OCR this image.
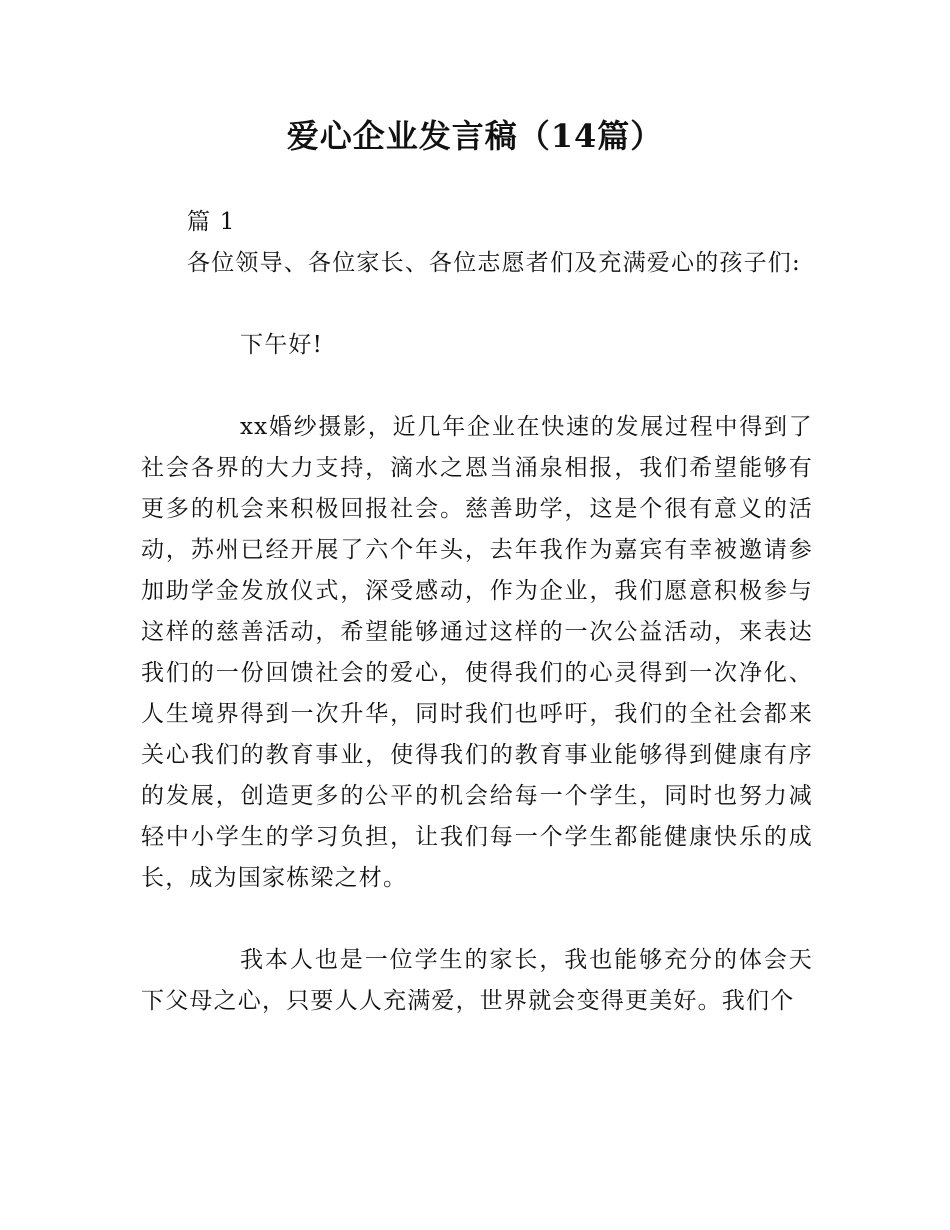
爱心企业发言稿（14篇）

篇 1

各位领导、各位家长、各位志愿者们及充满爱心的孩子们:

下午好!

xx婚纱摄影，近几年企业在快速的发展过程中得到了社会各界的大力支持，滴水之恩当涌泉相报，我们希望能够有更多的机会来积极回报社会。慈善助学，这是个很有意义的活动，苏州已经开展了六个年头，去年我作为嘉宾有幸被邀请参加助学金发放仪式，深受感动，作为企业，我们愿意积极参与这样的慈善活动，希望能够通过这样的一次公益活动，来表达我们的一份回馈社会的爱心，使得我们的心灵得到一次净化、人生境界得到一次升华，同时我们也呼吁，我们的全社会都来关心我们的教育事业，使得我们的教育事业能够得到健康有序的发展，创造更多的公平的机会给每一个学生，同时也努力减轻中小学生的学习负担，让我们每一个学生都能健康快乐的成长，成为国家栋梁之材。

我本人也是一位学生的家长，我也能够充分的体会天下父母之心，只要人人充满爱，世界就会变得更美好。我们个
